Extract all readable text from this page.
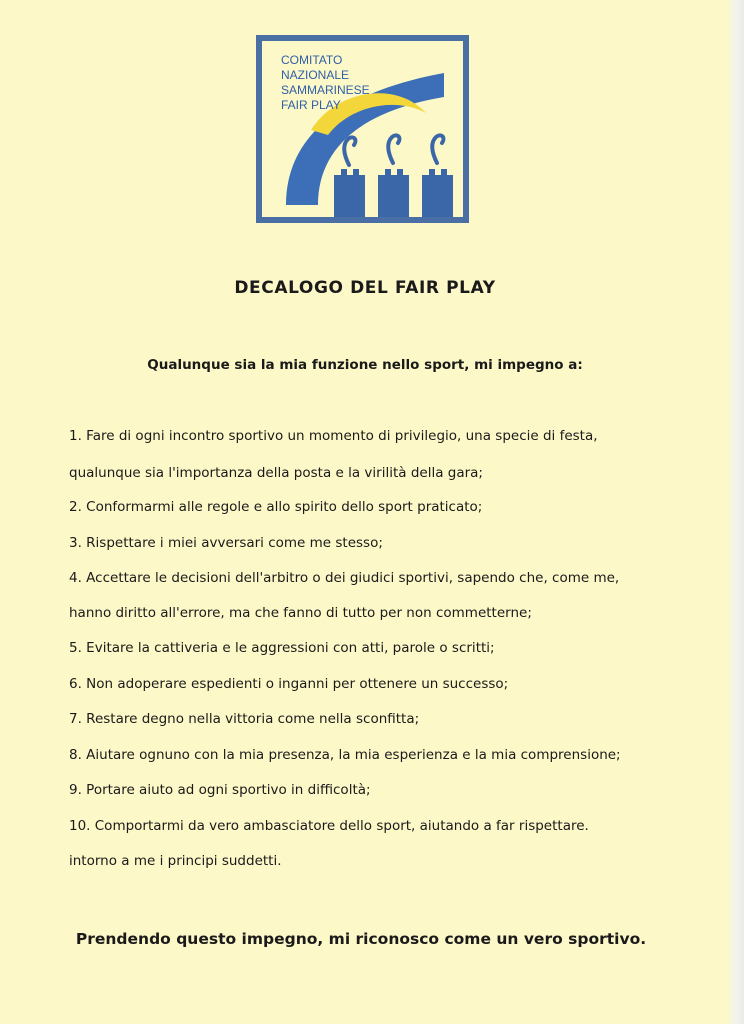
COMITATO
NAZIONALE
SAMMARINESE
FAIR PLAY
DECALOGO DEL FAIR PLAY
Qualunque sia la mia funzione nello sport, mi impegno a:
1. Fare di ogni incontro sportivo un momento di privilegio, una specie di festa,
qualunque sia l'importanza della posta e la virilità della gara;
2. Conformarmi alle regole e allo spirito dello sport praticato;
3. Rispettare i miei avversari come me stesso;
4. Accettare le decisioni dell'arbitro o dei giudici sportivi, sapendo che, come me,
hanno diritto all'errore, ma che fanno di tutto per non commetterne;
5. Evitare la cattiveria e le aggressioni con atti, parole o scritti;
6. Non adoperare espedienti o inganni per ottenere un successo;
7. Restare degno nella vittoria come nella sconfitta;
8. Aiutare ognuno con la mia presenza, la mia esperienza e la mia comprensione;
9. Portare aiuto ad ogni sportivo in difficoltà;
10. Comportarmi da vero ambasciatore dello sport, aiutando a far rispettare.
intorno a me i principi suddetti.
Prendendo questo impegno, mi riconosco come un vero sportivo.
